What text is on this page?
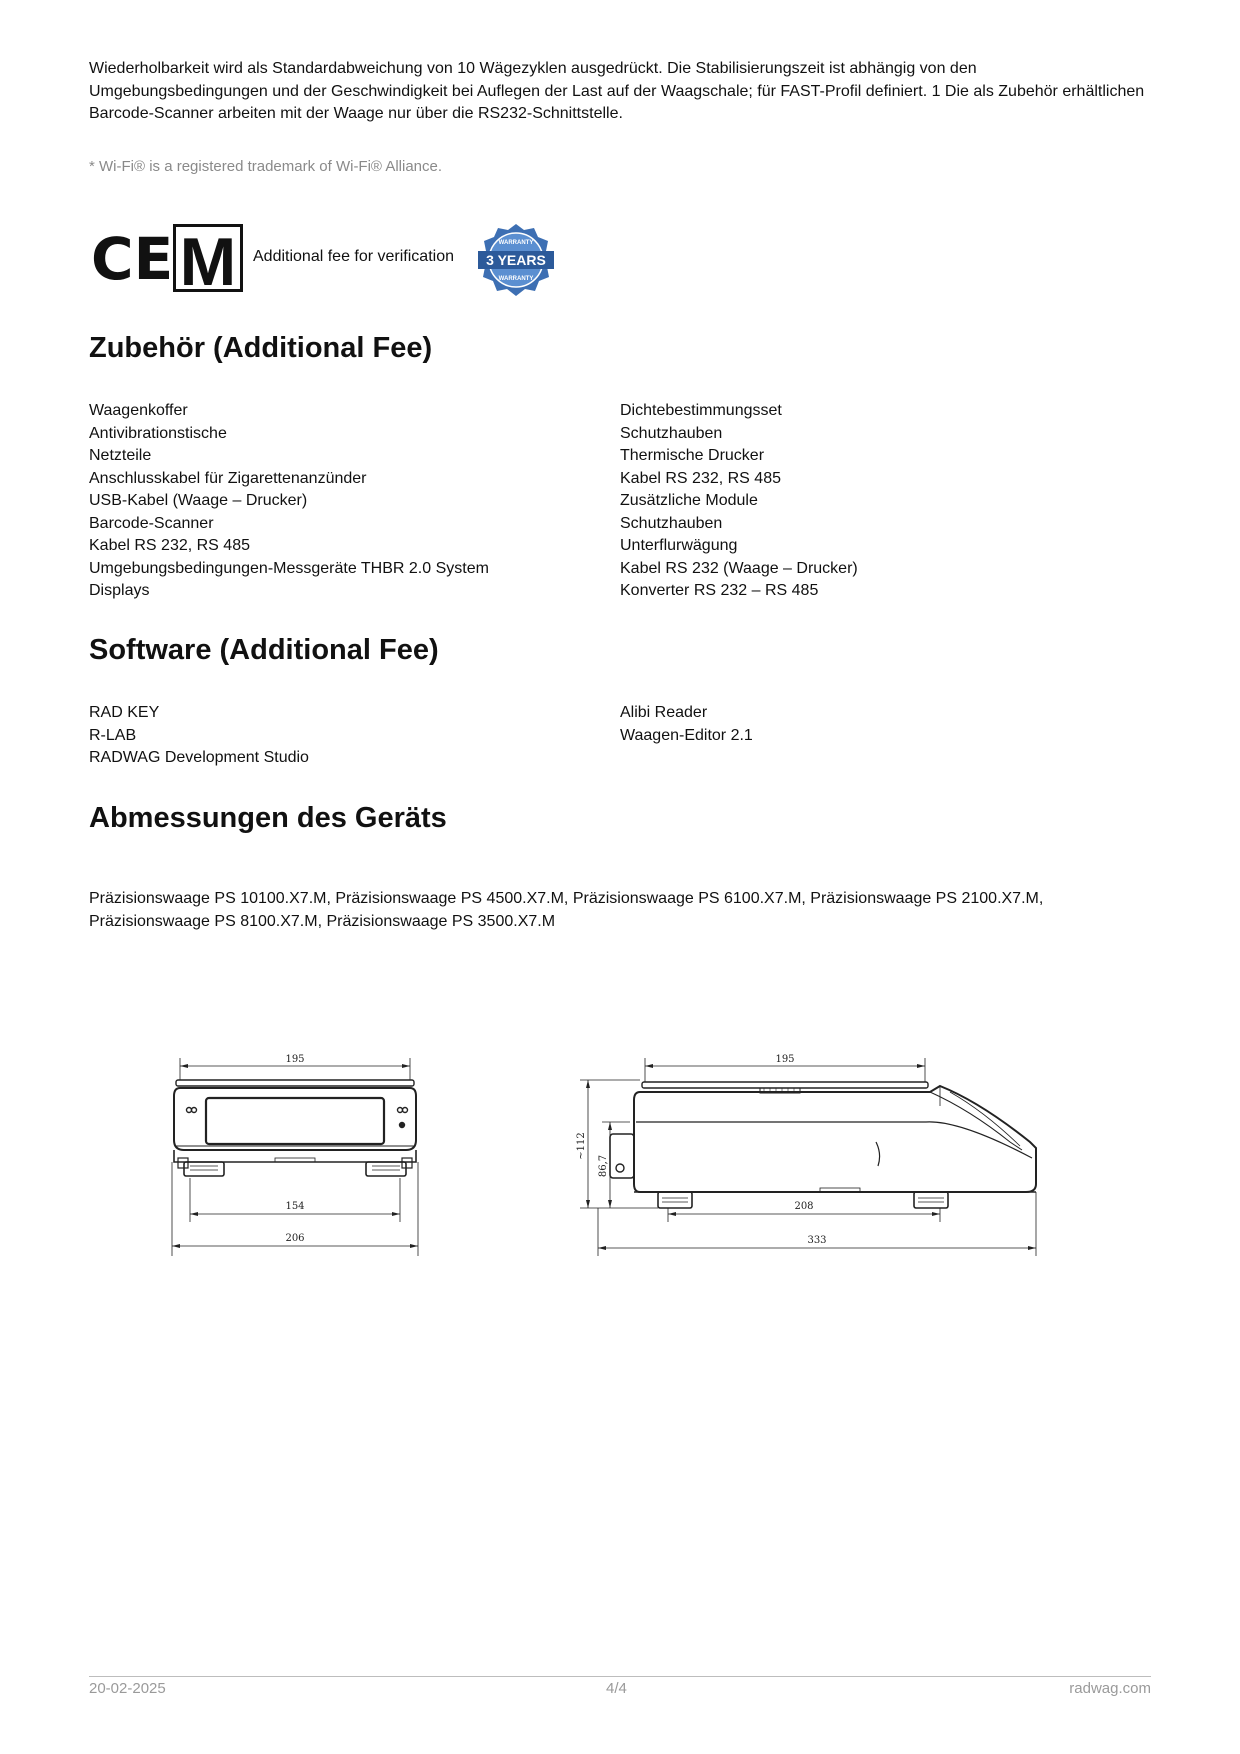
Wiederholbarkeit wird als Standardabweichung von 10 Wägezyklen ausgedrückt. Die Stabilisierungszeit ist abhängig von den Umgebungsbedingungen und der Geschwindigkeit bei Auflegen der Last auf der Waagschale; für FAST-Profil definiert. 1 Die als Zubehör erhältlichen Barcode-Scanner arbeiten mit der Waage nur über die RS232-Schnittstelle.

* Wi-Fi® is a registered trademark of Wi-Fi® Alliance.

CE M Additional fee for verification 3 YEARS
WARRANTY
WARRANTY
Zubehör (Additional Fee)
Waagenkoffer
Antivibrationstische
Netzteile
Anschlusskabel für Zigarettenanzünder
USB-Kabel (Waage – Drucker)
Barcode-Scanner
Kabel RS 232, RS 485
Umgebungsbedingungen-Messgeräte THBR 2.0 System
Displays
Dichtebestimmungsset
Schutzhauben
Thermische Drucker
Kabel RS 232, RS 485
Zusätzliche Module
Schutzhauben
Unterflurwägung
Kabel RS 232 (Waage – Drucker)
Konverter RS 232 – RS 485
Software (Additional Fee)
RAD KEY
R-LAB
RADWAG Development Studio
Alibi Reader
Waagen-Editor 2.1
Abmessungen des Geräts

Präzisionswaage PS 10100.X7.M, Präzisionswaage PS 4500.X7.M, Präzisionswaage PS 6100.X7.M, Präzisionswaage PS 2100.X7.M, Präzisionswaage PS 8100.X7.M, Präzisionswaage PS 3500.X7.M

195
154
206
195
~112
86,7
208
333
20-02-2025	4/4	radwag.com
